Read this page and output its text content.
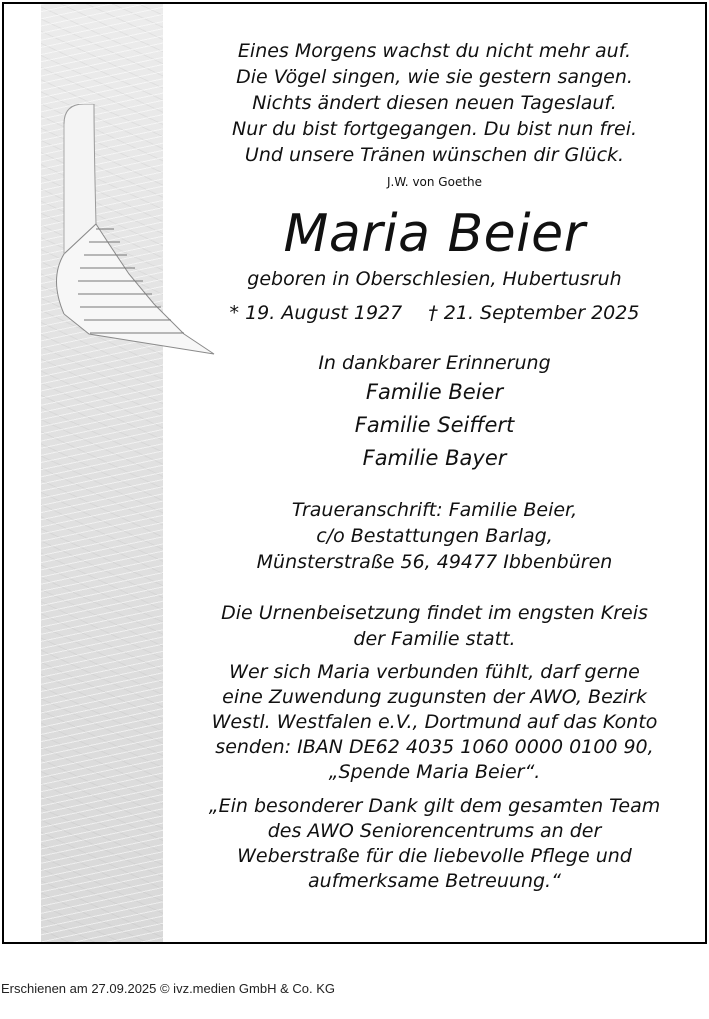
Eines Morgens wachst du nicht mehr auf.
Die Vögel singen, wie sie gestern sangen.
Nichts ändert diesen neuen Tageslauf.
Nur du bist fortgegangen. Du bist nun frei.
Und unsere Tränen wünschen dir Glück.
J.W. von Goethe
Maria Beier
geboren in Oberschlesien, Hubertusruh
* 19. August 1927 † 21. September 2025
In dankbarer Erinnerung
Familie Beier
Familie Seiffert
Familie Bayer
Traueranschrift: Familie Beier,
c/o Bestattungen Barlag,
Münsterstraße 56, 49477 Ibbenbüren
Die Urnenbeisetzung findet im engsten Kreis
der Familie statt.
Wer sich Maria verbunden fühlt, darf gerne
eine Zuwendung zugunsten der AWO, Bezirk
Westl. Westfalen e.V., Dortmund auf das Konto
senden: IBAN DE62 4035 1060 0000 0100 90,
„Spende Maria Beier“.
„Ein besonderer Dank gilt dem gesamten Team
des AWO Seniorencentrums an der
Weberstraße für die liebevolle Pflege und
aufmerksame Betreuung.“
Erschienen am 27.09.2025 © ivz.medien GmbH & Co. KG
